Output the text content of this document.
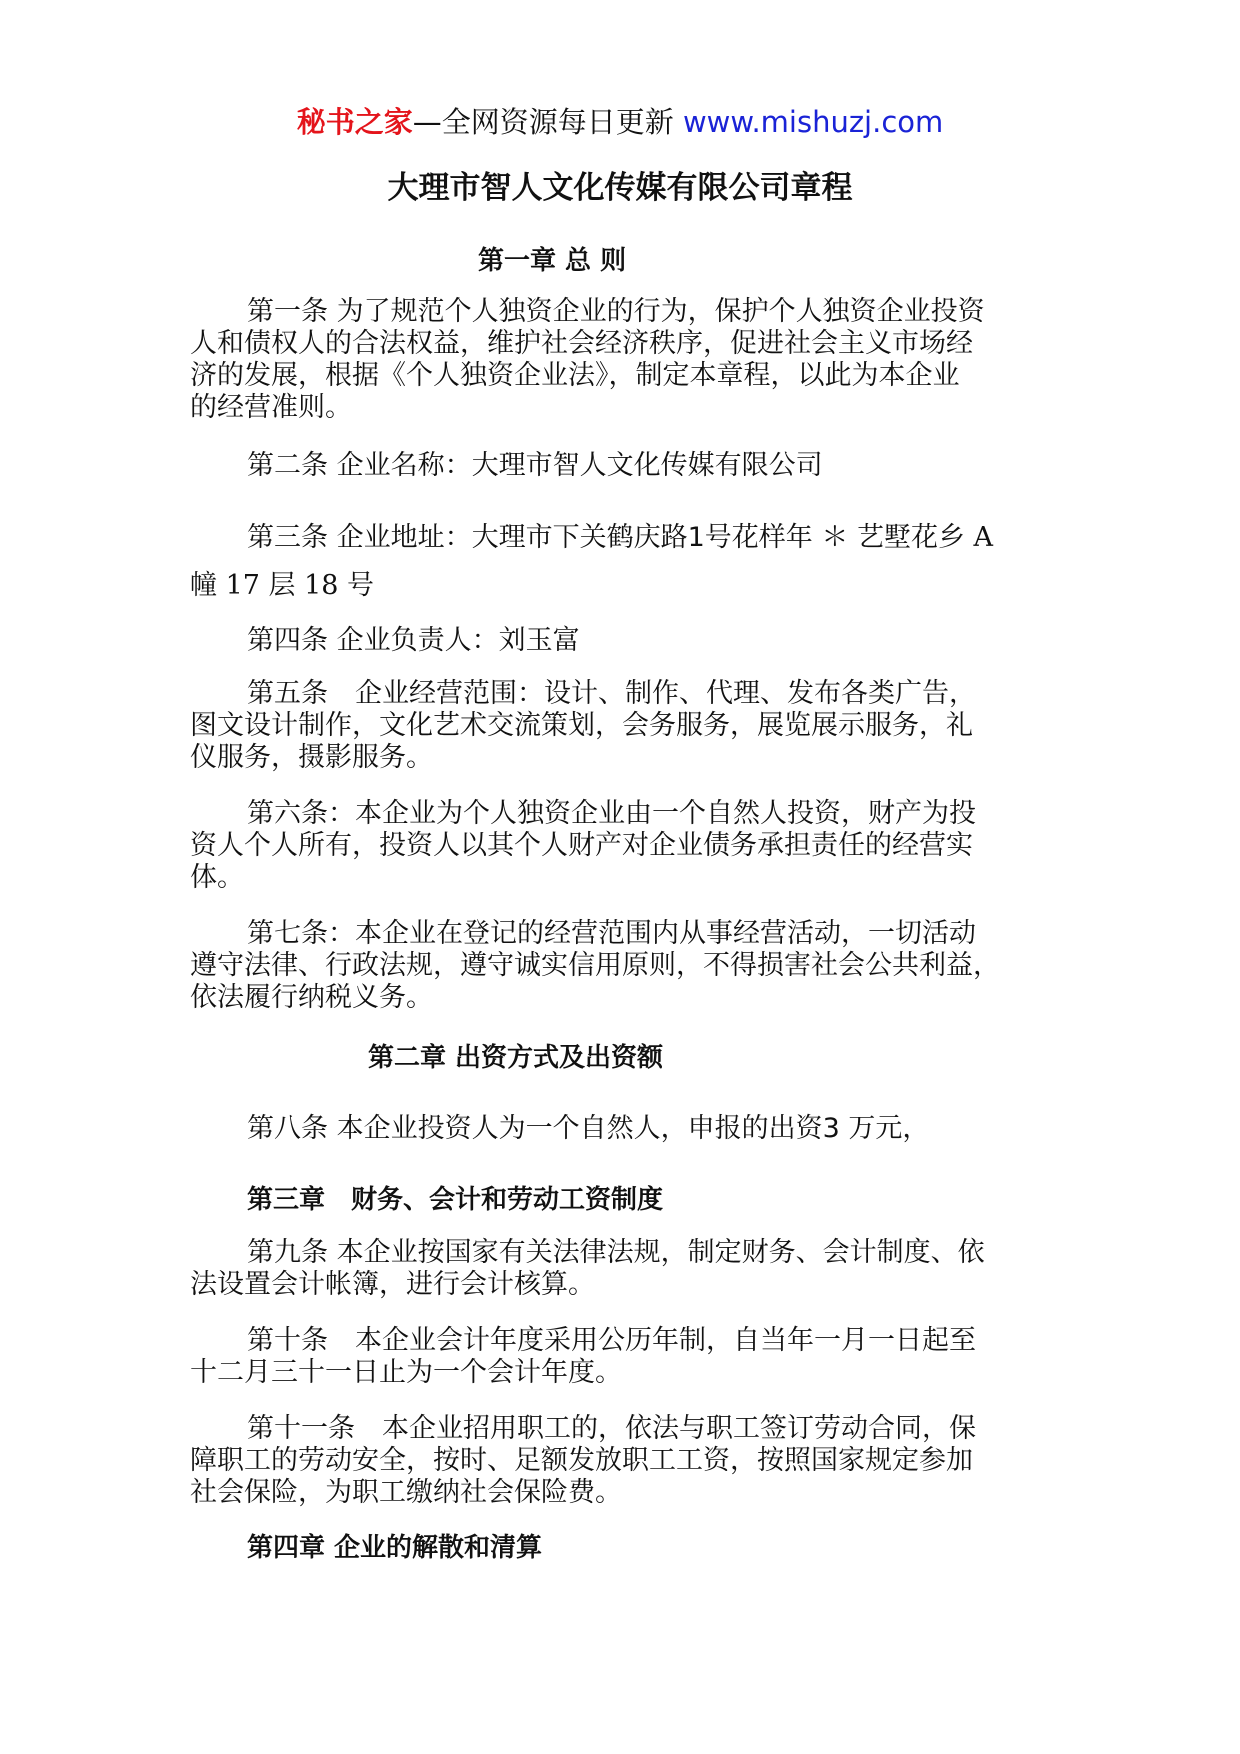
秘书之家—全网资源每日更新 www.mishuzj.com
大理市智人文化传媒有限公司章程
第一章 总 则
第一条 为了规范个人独资企业的行为，保护个人独资企业投资
人和债权人的合法权益，维护社会经济秩序，促进社会主义市场经
济的发展，根据《个人独资企业法》，制定本章程，以此为本企业
的经营准则。
第二条 企业名称：大理市智人文化传媒有限公司
第三条 企业地址：大理市下关鹤庆路1号花样年 ＊ 艺墅花乡 A
幢 17 层 18 号
第四条 企业负责人：刘玉富
第五条　企业经营范围：设计、制作、代理、发布各类广告，
图文设计制作，文化艺术交流策划，会务服务，展览展示服务，礼
仪服务，摄影服务。
第六条：本企业为个人独资企业由一个自然人投资，财产为投
资人个人所有，投资人以其个人财产对企业债务承担责任的经营实
体。
第七条：本企业在登记的经营范围内从事经营活动，一切活动
遵守法律、行政法规，遵守诚实信用原则，不得损害社会公共利益，
依法履行纳税义务。
第二章 出资方式及出资额
第八条 本企业投资人为一个自然人，申报的出资3 万元，
第三章　财务、会计和劳动工资制度
第九条 本企业按国家有关法律法规，制定财务、会计制度、依
法设置会计帐簿，进行会计核算。
第十条　本企业会计年度采用公历年制，自当年一月一日起至
十二月三十一日止为一个会计年度。
第十一条　本企业招用职工的，依法与职工签订劳动合同，保
障职工的劳动安全，按时、足额发放职工工资，按照国家规定参加
社会保险，为职工缴纳社会保险费。
第四章 企业的解散和清算
